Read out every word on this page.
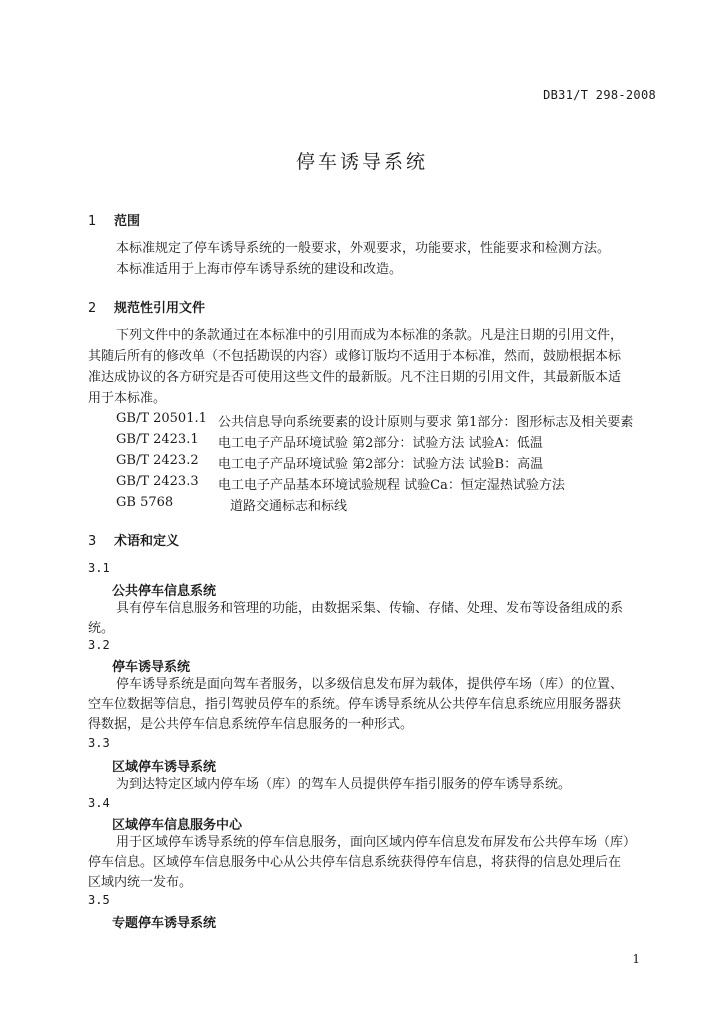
DB31/T 298-2008
停车诱导系统
1 范围
本标准规定了停车诱导系统的一般要求，外观要求，功能要求，性能要求和检测方法。
本标准适用于上海市停车诱导系统的建设和改造。
2 规范性引用文件
下列文件中的条款通过在本标准中的引用而成为本标准的条款。凡是注日期的引用文件，
其随后所有的修改单（不包括勘误的内容）或修订版均不适用于本标准，然而，鼓励根据本标
准达成协议的各方研究是否可使用这些文件的最新版。凡不注日期的引用文件，其最新版本适
用于本标准。
GB/T 20501.1 公共信息导向系统要素的设计原则与要求 第1部分：图形标志及相关要素
GB/T 2423.1 电工电子产品环境试验 第2部分：试验方法 试验A：低温
GB/T 2423.2 电工电子产品环境试验 第2部分：试验方法 试验B：高温
GB/T 2423.3 电工电子产品基本环境试验规程 试验Ca：恒定湿热试验方法
GB 5768	道路交通标志和标线
3 术语和定义
3.1
公共停车信息系统
具有停车信息服务和管理的功能，由数据采集、传输、存储、处理、发布等设备组成的系
统。
3.2
停车诱导系统
停车诱导系统是面向驾车者服务，以多级信息发布屏为载体，提供停车场（库）的位置、
空车位数据等信息，指引驾驶员停车的系统。停车诱导系统从公共停车信息系统应用服务器获
得数据，是公共停车信息系统停车信息服务的一种形式。
3.3
区域停车诱导系统
为到达特定区域内停车场（库）的驾车人员提供停车指引服务的停车诱导系统。
3.4
区域停车信息服务中心
用于区域停车诱导系统的停车信息服务，面向区域内停车信息发布屏发布公共停车场（库）
停车信息。区域停车信息服务中心从公共停车信息系统获得停车信息，将获得的信息处理后在
区域内统一发布。
3.5
专题停车诱导系统
1
